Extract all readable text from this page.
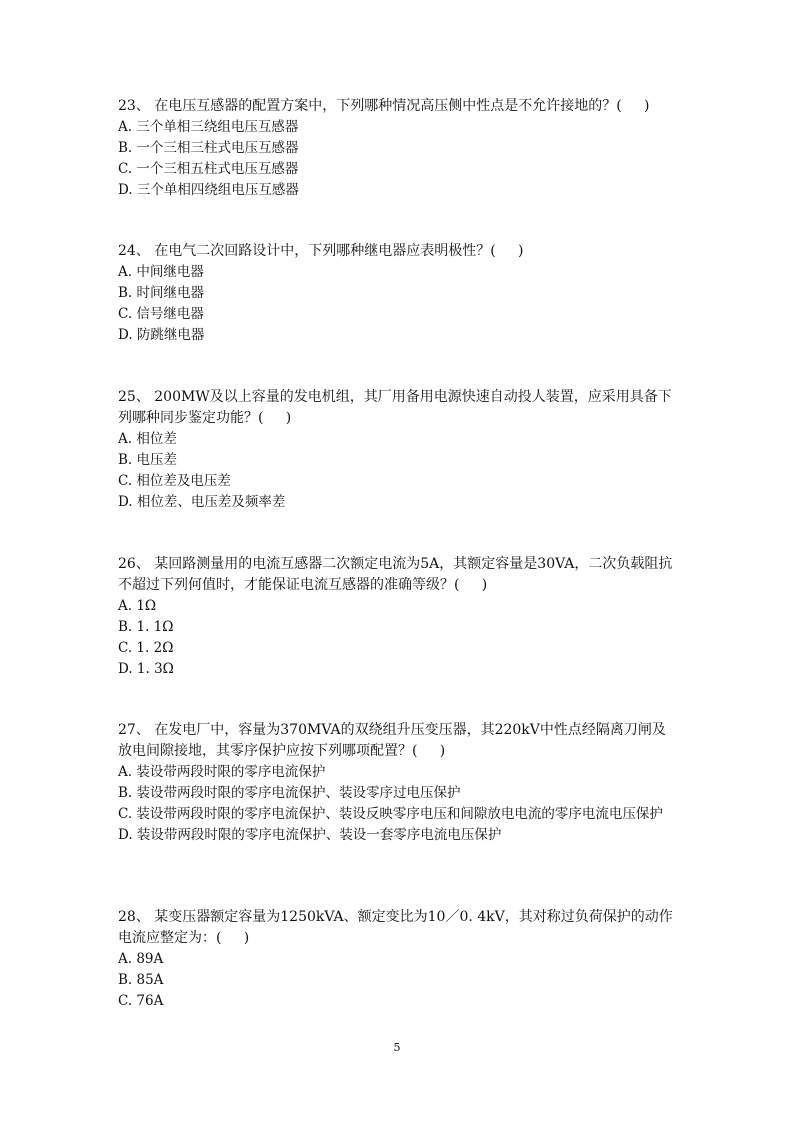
23、 在电压互感器的配置方案中，下列哪种情况高压侧中性点是不允许接地的？(     )

A. 三个单相三绕组电压互感器
B. 一个三相三柱式电压互感器
C. 一个三相五柱式电压互感器
D. 三个单相四绕组电压互感器

24、 在电气二次回路设计中，下列哪种继电器应表明极性？(     )

A. 中间继电器
B. 时间继电器
C. 信号继电器
D. 防跳继电器

25、 200MW及以上容量的发电机组，其厂用备用电源快速自动投人装置，应采用具备下列哪种同步鉴定功能？(     )

A. 相位差
B. 电压差
C. 相位差及电压差
D. 相位差、电压差及频率差

26、 某回路测量用的电流互感器二次额定电流为5A，其额定容量是30VA，二次负载阻抗不超过下列何值时，才能保证电流互感器的准确等级？(     )

A. 1Ω
B. 1. 1Ω
C. 1. 2Ω
D. 1. 3Ω

27、 在发电厂中，容量为370MVA的双绕组升压变压器，其220kV中性点经隔离刀闸及放电间隙接地，其零序保护应按下列哪项配置？(     )

A. 装设带两段时限的零序电流保护
B. 装设带两段时限的零序电流保护、装设零序过电压保护
C. 装设带两段时限的零序电流保护、装设反映零序电压和间隙放电电流的零序电流电压保护
D. 装设带两段时限的零序电流保护、装设一套零序电流电压保护

28、 某变压器额定容量为1250kVA、额定变比为10／0. 4kV，其对称过负荷保护的动作电流应整定为：(     )

A. 89A
B. 85A
C. 76A
5
